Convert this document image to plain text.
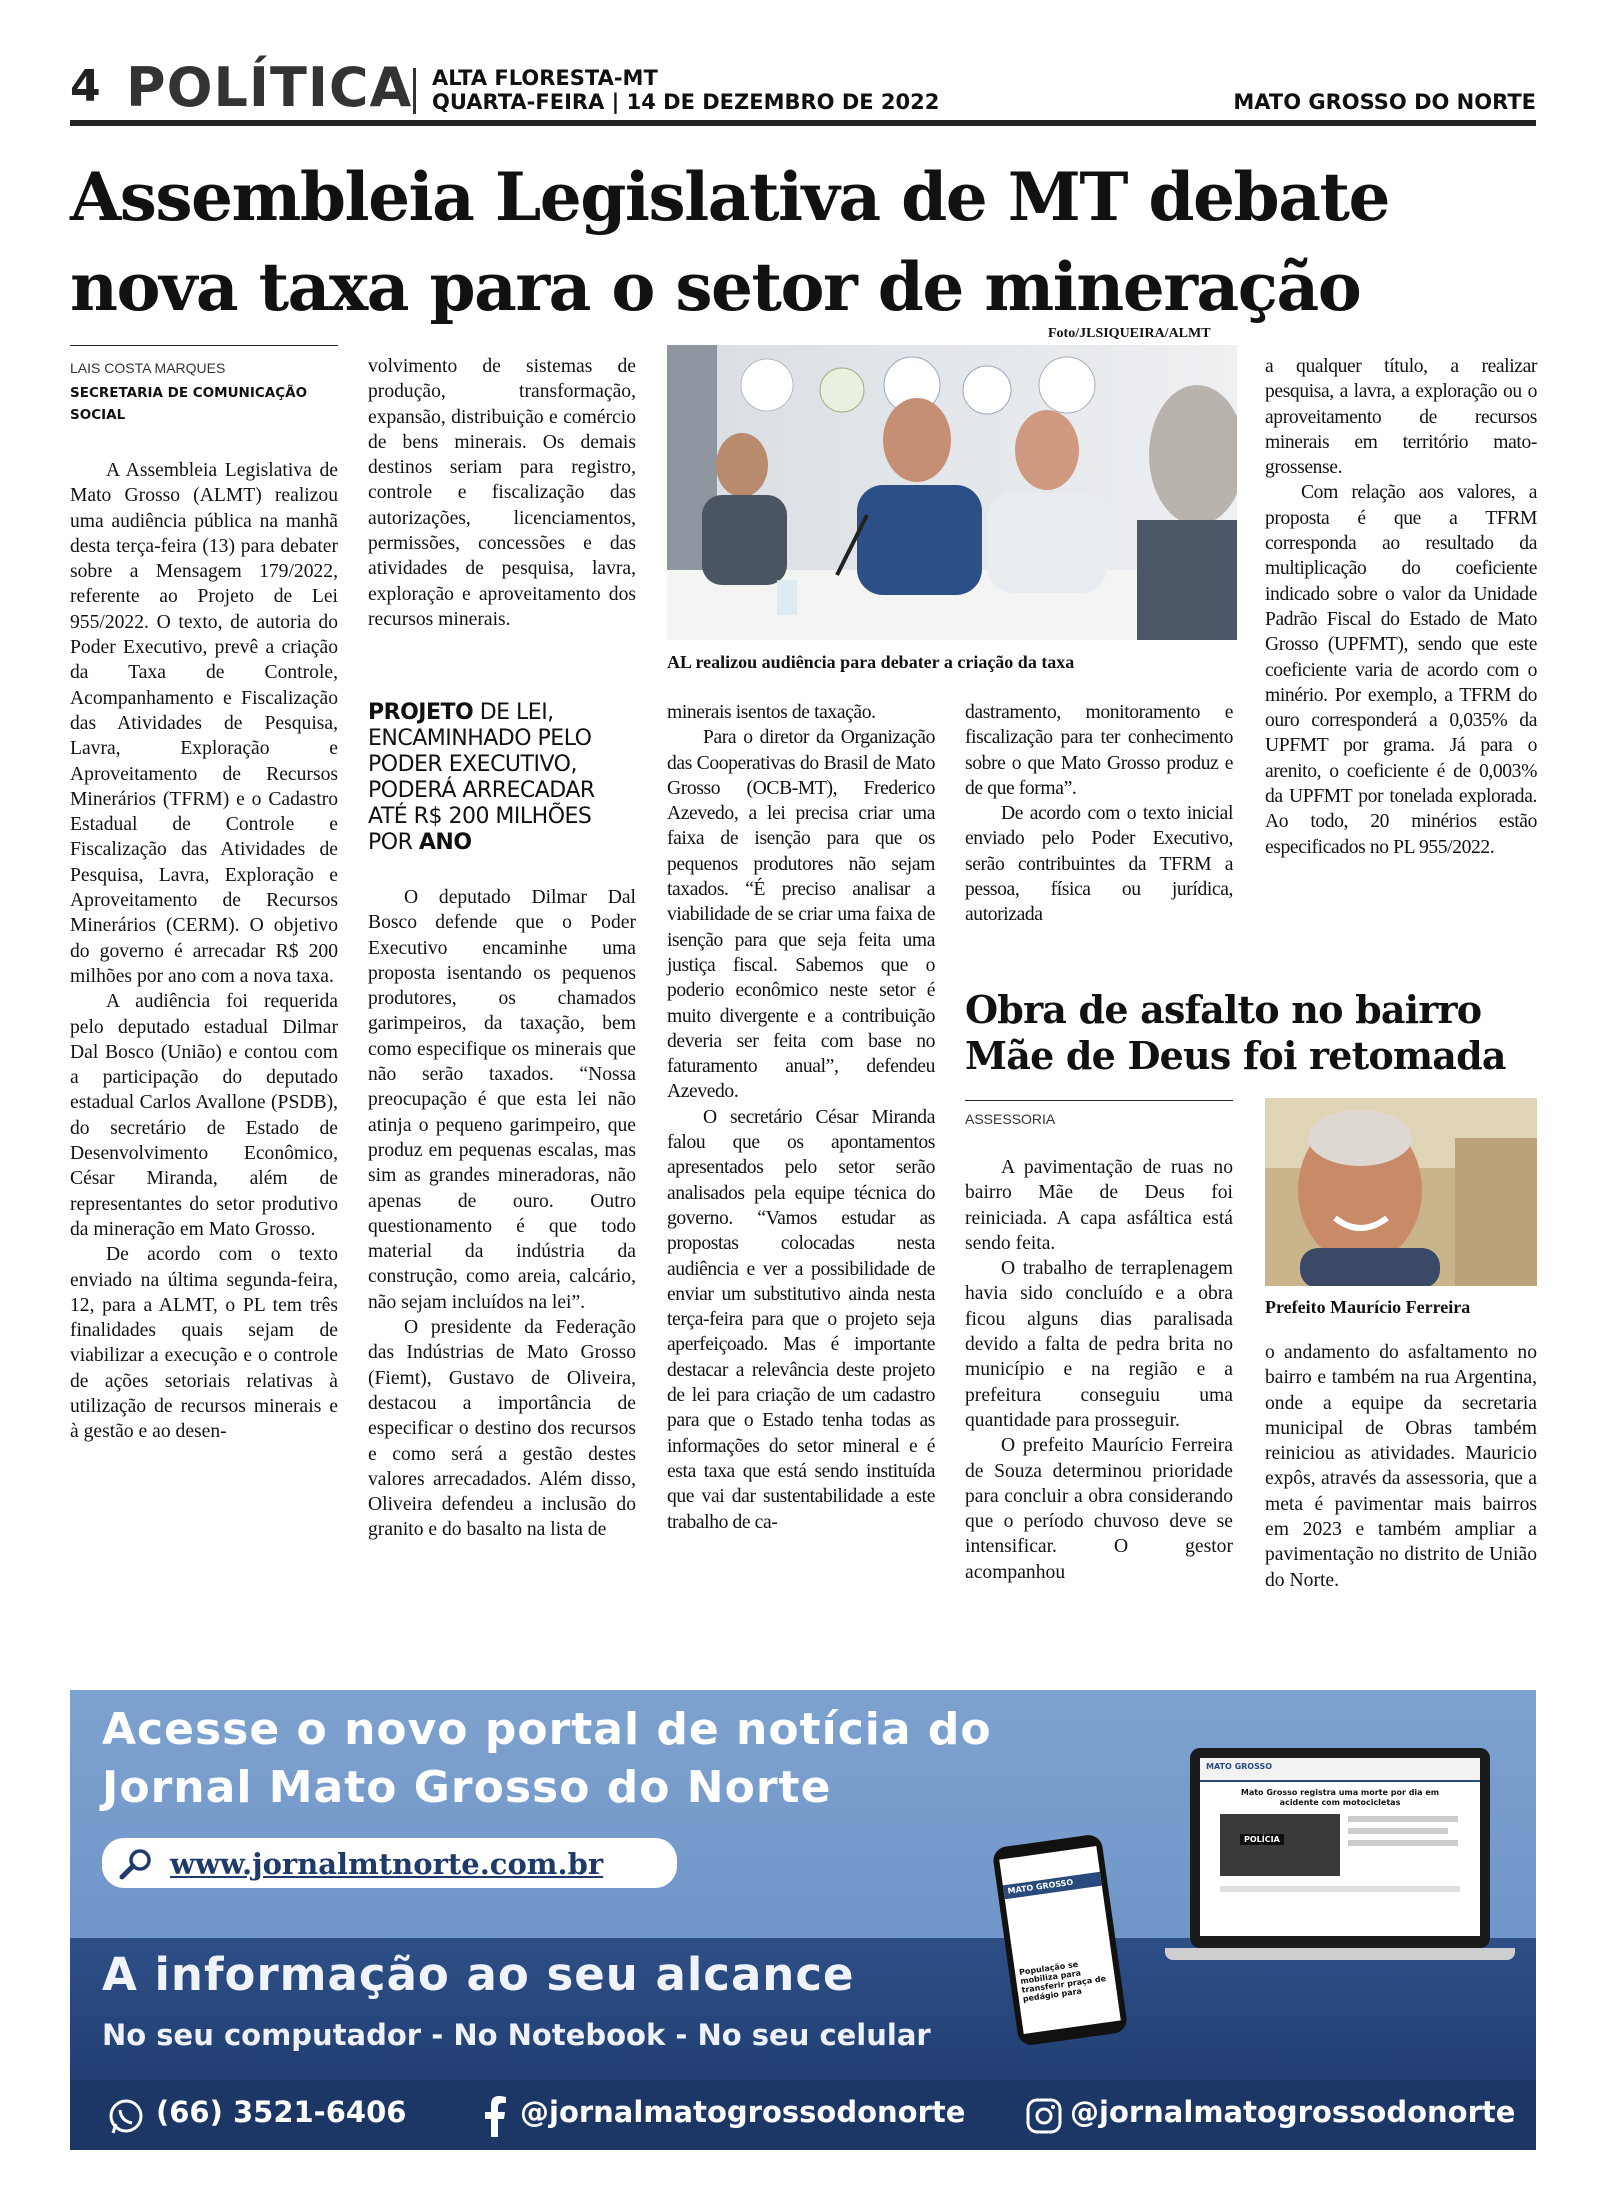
4 POLÍTICA ALTA FLORESTA-MT
QUARTA-FEIRA | 14 DE DEZEMBRO DE 2022	MATO GROSSO DO NORTE
Assembleia Legislativa de MT debate nova taxa para o setor de mineração
Foto/JLSIQUEIRA/ALMT
LAIS COSTA MARQUES
SECRETARIA DE COMUNICAÇÃO SOCIAL

A Assembleia Legislativa de Mato Grosso (ALMT) realizou uma audiência pública na manhã desta terça-feira (13) para debater sobre a Mensagem 179/2022, referente ao Projeto de Lei 955/2022. O texto, de autoria do Poder Executivo, prevê a criação da Taxa de Controle, Acompanhamento e Fiscalização das Atividades de Pesquisa, Lavra, Exploração e Aproveitamento de Recursos Minerários (TFRM) e o Cadastro Estadual de Controle e Fiscalização das Atividades de Pesquisa, Lavra, Exploração e Aproveitamento de Recursos Minerários (CERM). O objetivo do governo é arrecadar R$ 200 milhões por ano com a nova taxa.

A audiência foi requerida pelo deputado estadual Dilmar Dal Bosco (União) e contou com a participação do deputado estadual Carlos Avallone (PSDB), do secretário de Estado de Desenvolvimento Econômico, César Miranda, além de representantes do setor produtivo da mineração em Mato Grosso.

De acordo com o texto enviado na última segunda-feira, 12, para a ALMT, o PL tem três finalidades quais sejam de viabilizar a execução e o controle de ações setoriais relativas à utilização de recursos minerais e à gestão e ao desen-

volvimento de sistemas de produção, transformação, expansão, distribuição e comércio de bens minerais. Os demais destinos seriam para registro, controle e fiscalização das autorizações, licenciamentos, permissões, concessões e das atividades de pesquisa, lavra, exploração e aproveitamento dos recursos minerais.

PROJETO DE LEI, ENCAMINHADO PELO PODER EXECUTIVO, PODERÁ ARRECADAR ATÉ R$ 200 MILHÕES POR ANO

O deputado Dilmar Dal Bosco defende que o Poder Executivo encaminhe uma proposta isentando os pequenos produtores, os chamados garimpeiros, da taxação, bem como especifique os minerais que não serão taxados. “Nossa preocupação é que esta lei não atinja o pequeno garimpeiro, que produz em pequenas escalas, mas sim as grandes mineradoras, não apenas de ouro. Outro questionamento é que todo material da indústria da construção, como areia, calcário, não sejam incluídos na lei”.

O presidente da Federação das Indústrias de Mato Grosso (Fiemt), Gustavo de Oliveira, destacou a importância de especificar o destino dos recursos e como será a gestão destes valores arrecadados. Além disso, Oliveira defendeu a inclusão do granito e do basalto na lista de

AL realizou audiência para debater a criação da taxa

minerais isentos de taxação.

Para o diretor da Organização das Cooperativas do Brasil de Mato Grosso (OCB-MT), Frederico Azevedo, a lei precisa criar uma faixa de isenção para que os pequenos produtores não sejam taxados. “É preciso analisar a viabilidade de se criar uma faixa de isenção para que seja feita uma justiça fiscal. Sabemos que o poderio econômico neste setor é muito divergente e a contribuição deveria ser feita com base no faturamento anual”, defendeu Azevedo.

O secretário César Miranda falou que os apontamentos apresentados pelo setor serão analisados pela equipe técnica do governo. “Vamos estudar as propostas colocadas nesta audiência e ver a possibilidade de enviar um substitutivo ainda nesta terça-feira para que o projeto seja aperfeiçoado. Mas é importante destacar a relevância deste projeto de lei para criação de um cadastro para que o Estado tenha todas as informações do setor mineral e é esta taxa que está sendo instituída que vai dar sustentabilidade a este trabalho de ca-

dastramento, monitoramento e fiscalização para ter conhecimento sobre o que Mato Grosso produz e de que forma”.

De acordo com o texto inicial enviado pelo Poder Executivo, serão contribuintes da TFRM a pessoa, física ou jurídica, autorizada

a qualquer título, a realizar pesquisa, a lavra, a exploração ou o aproveitamento de recursos minerais em território mato-grossense.

Com relação aos valores, a proposta é que a TFRM corresponda ao resultado da multiplicação do coeficiente indicado sobre o valor da Unidade Padrão Fiscal do Estado de Mato Grosso (UPFMT), sendo que este coeficiente varia de acordo com o minério. Por exemplo, a TFRM do ouro corresponderá a 0,035% da UPFMT por grama. Já para o arenito, o coeficiente é de 0,003% da UPFMT por tonelada explorada. Ao todo, 20 minérios estão especificados no PL 955/2022.

Obra de asfalto no bairro Mãe de Deus foi retomada
ASSESSORIA

A pavimentação de ruas no bairro Mãe de Deus foi reiniciada. A capa asfáltica está sendo feita.

O trabalho de terraplenagem havia sido concluído e a obra ficou alguns dias paralisada devido a falta de pedra brita no município e na região e a prefeitura conseguiu uma quantidade para prosseguir.

O prefeito Maurício Ferreira de Souza determinou prioridade para concluir a obra considerando que o período chuvoso deve se intensificar. O gestor acompanhou

Prefeito Maurício Ferreira

o andamento do asfaltamento no bairro e também na rua Argentina, onde a equipe da secretaria municipal de Obras também reiniciou as atividades. Mauricio expôs, através da assessoria, que a meta é pavimentar mais bairros em 2023 e também ampliar a pavimentação no distrito de União do Norte.

Acesse o novo portal de notícia do
Jornal Mato Grosso do Norte
www.jornalmtnorte.com.br
A informação ao seu alcance
No seu computador - No Notebook - No seu celular
MATO GROSSO
Mato Grosso registra uma morte por dia em acidente com motocicletas
POLÍCIA
MATO GROSSO
População se mobiliza para transferir praça de pedágio para
(66) 3521-6406	@jornalmatogrossodonorte	@jornalmatogrossodonorte
